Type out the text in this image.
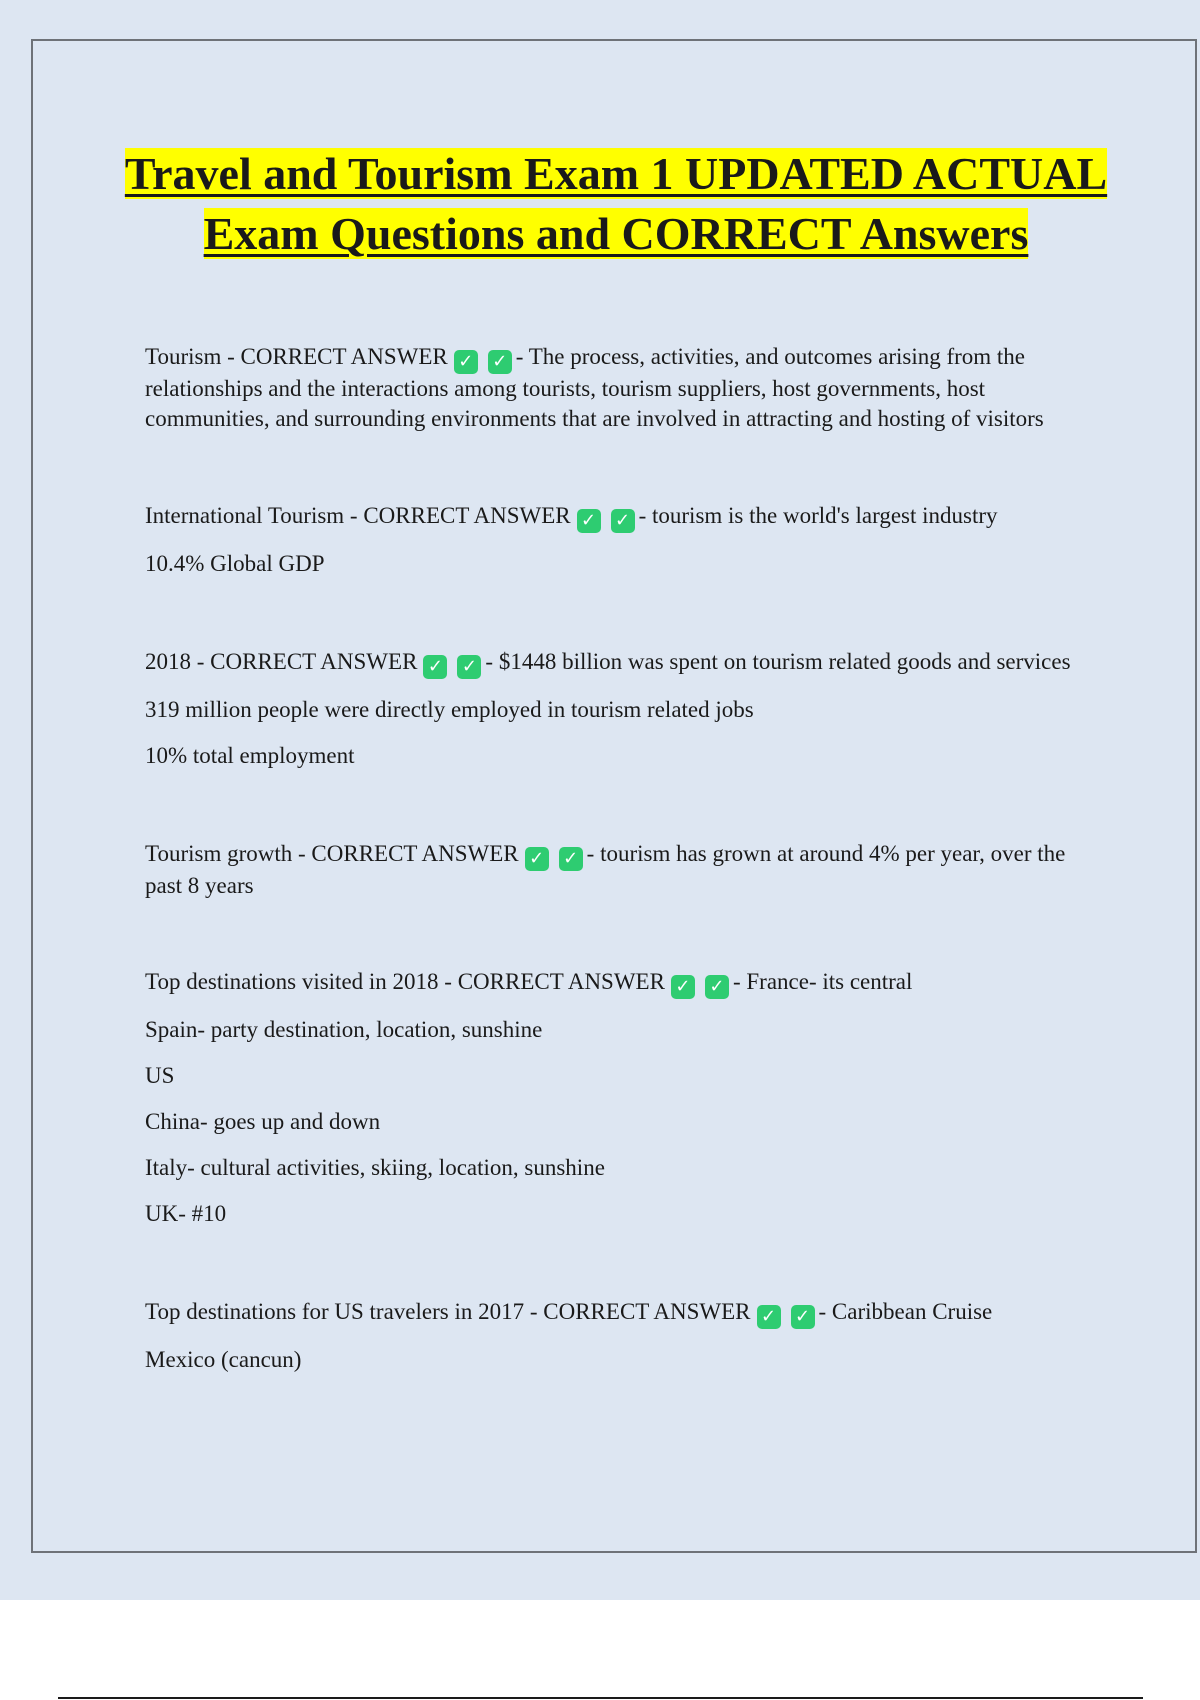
Travel and Tourism Exam 1 UPDATED ACTUAL Exam Questions and CORRECT Answers

Tourism - CORRECT ANSWER ✓ ✓ - The process, activities, and outcomes arising from the relationships and the interactions among tourists, tourism suppliers, host governments, host communities, and surrounding environments that are involved in attracting and hosting of visitors

International Tourism - CORRECT ANSWER ✓ ✓ - tourism is the world's largest industry

10.4% Global GDP

2018 - CORRECT ANSWER ✓ ✓ - $1448 billion was spent on tourism related goods and services

319 million people were directly employed in tourism related jobs

10% total employment

Tourism growth - CORRECT ANSWER ✓ ✓ - tourism has grown at around 4% per year, over the past 8 years

Top destinations visited in 2018 - CORRECT ANSWER ✓ ✓ - France- its central

Spain- party destination, location, sunshine

US

China- goes up and down

Italy- cultural activities, skiing, location, sunshine

UK- #10

Top destinations for US travelers in 2017 - CORRECT ANSWER ✓ ✓ - Caribbean Cruise

Mexico (cancun)
